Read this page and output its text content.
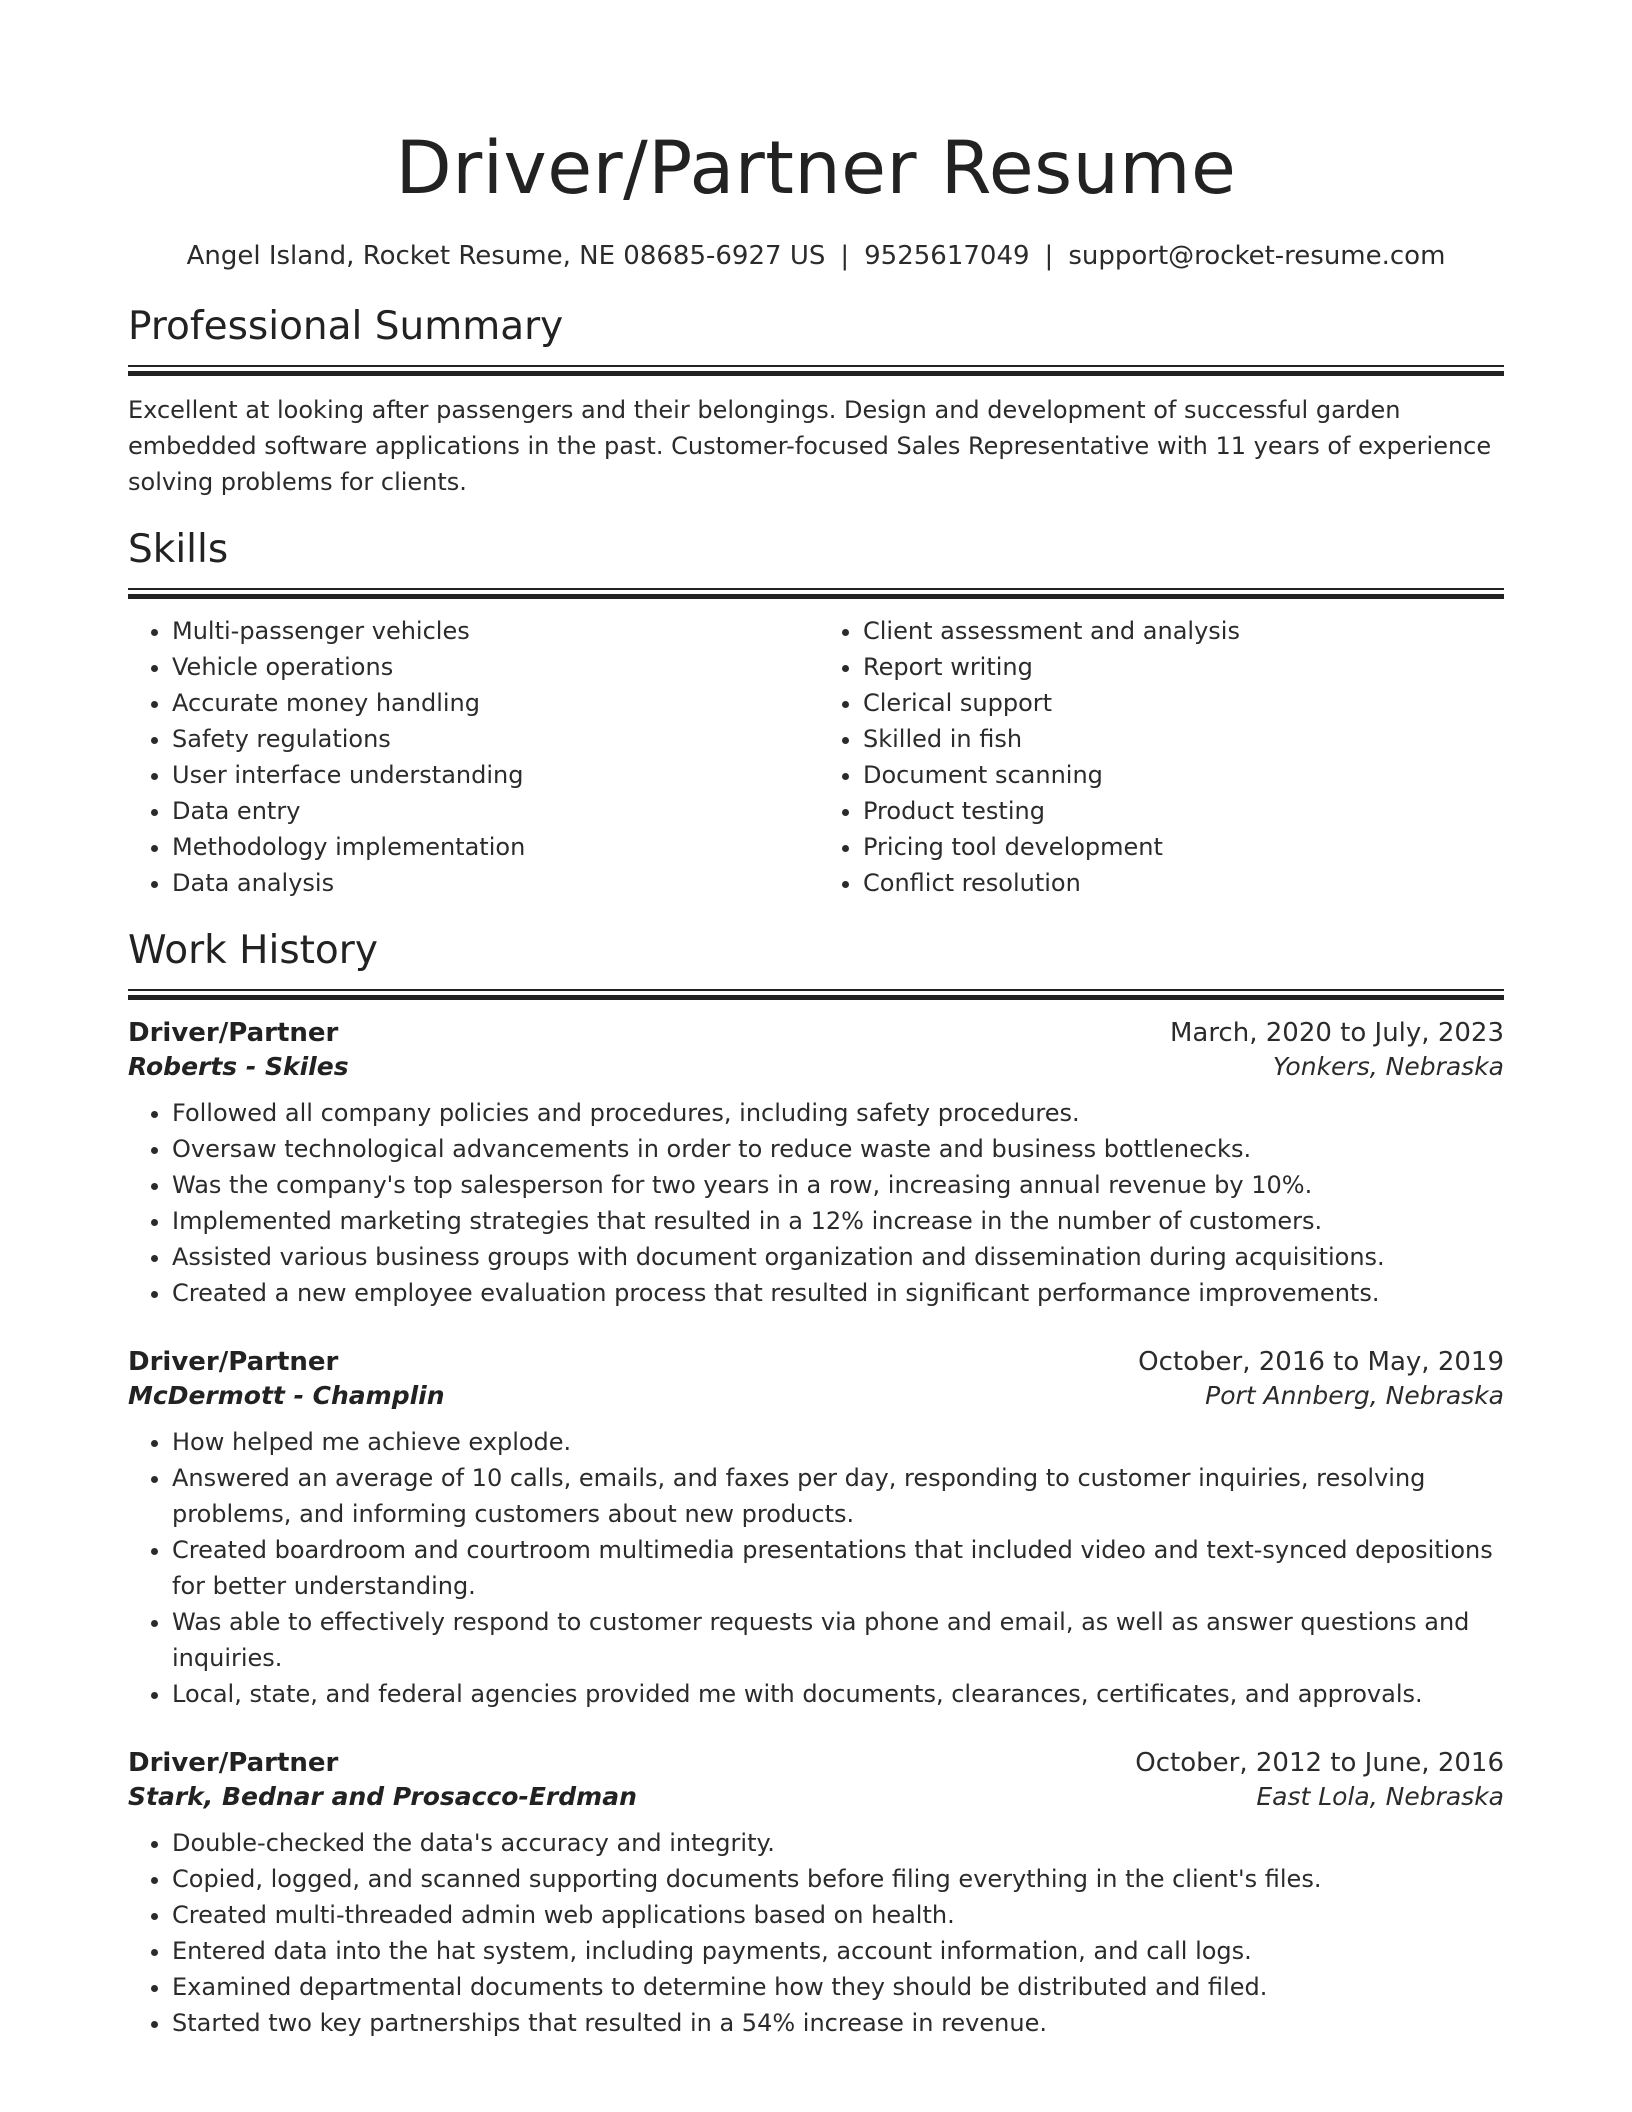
Driver/Partner Resume
Angel Island, Rocket Resume, NE 08685-6927 US | 9525617049 | support@rocket-resume.com
Professional Summary

Excellent at looking after passengers and their belongings. Design and development of successful garden embedded software applications in the past. Customer-focused Sales Representative with 11 years of experience solving problems for clients.

Skills
• Multi-passenger vehicles
• Vehicle operations
• Accurate money handling
• Safety regulations
• User interface understanding
• Data entry
• Methodology implementation
• Data analysis
• Client assessment and analysis
• Report writing
• Clerical support
• Skilled in fish
• Document scanning
• Product testing
• Pricing tool development
• Conflict resolution
Work History
Driver/Partner	March, 2020 to July, 2023
Roberts - Skiles	Yonkers, Nebraska
• Followed all company policies and procedures, including safety procedures.
• Oversaw technological advancements in order to reduce waste and business bottlenecks.
• Was the company's top salesperson for two years in a row, increasing annual revenue by 10%.
• Implemented marketing strategies that resulted in a 12% increase in the number of customers.
• Assisted various business groups with document organization and dissemination during acquisitions.
• Created a new employee evaluation process that resulted in significant performance improvements.
Driver/Partner	October, 2016 to May, 2019
McDermott - Champlin	Port Annberg, Nebraska
• How helped me achieve explode.
• Answered an average of 10 calls, emails, and faxes per day, responding to customer inquiries, resolving problems, and informing customers about new products.
• Created boardroom and courtroom multimedia presentations that included video and text-synced depositions for better understanding.
• Was able to effectively respond to customer requests via phone and email, as well as answer questions and inquiries.
• Local, state, and federal agencies provided me with documents, clearances, certificates, and approvals.
Driver/Partner	October, 2012 to June, 2016
Stark, Bednar and Prosacco-Erdman	East Lola, Nebraska
• Double-checked the data's accuracy and integrity.
• Copied, logged, and scanned supporting documents before filing everything in the client's files.
• Created multi-threaded admin web applications based on health.
• Entered data into the hat system, including payments, account information, and call logs.
• Examined departmental documents to determine how they should be distributed and filed.
• Started two key partnerships that resulted in a 54% increase in revenue.
